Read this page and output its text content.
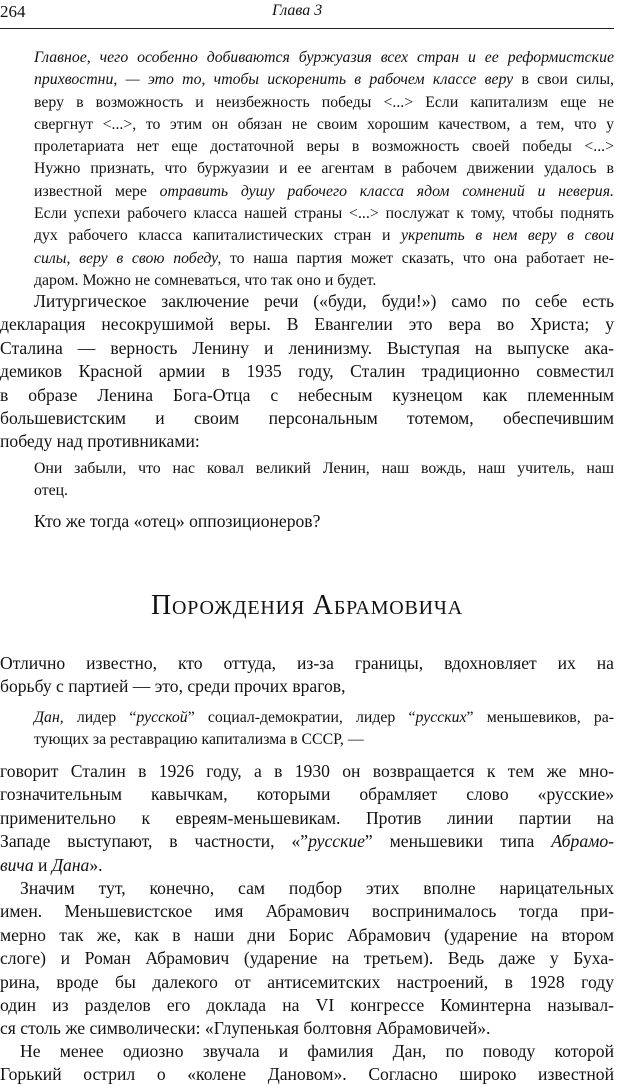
264	Глава 3
Главное, чего особенно добиваются буржуазия всех стран и ее реформистские
прихвостни, — это то, чтобы искоренить в рабочем классе веру в свои силы,
веру в возможность и неизбежность победы <...> Если капитализм еще не
свергнут <...>, то этим он обязан не своим хорошим качеством, а тем, что у
пролетариата нет еще достаточной веры в возможность своей победы <...>
Нужно признать, что буржуазии и ее агентам в рабочем движении удалось в
известной мере отравить душу рабочего класса ядом сомнений и неверия.
Если успехи рабочего класса нашей страны <...> послужат к тому, чтобы поднять
дух рабочего класса капиталистических стран и укрепить в нем веру в свои
силы, веру в свою победу, то наша партия может сказать, что она работает не-
даром. Можно не сомневаться, что так оно и будет.
Литургическое заключение речи («буди, буди!») само по себе есть
декларация несокрушимой веры. В Евангелии это вера во Христа; у
Сталина — верность Ленину и ленинизму. Выступая на выпуске ака-
демиков Красной армии в 1935 году, Сталин традиционно совместил
в образе Ленина Бога-Отца с небесным кузнецом как племенным
большевистским и своим персональным тотемом, обеспечившим
победу над противниками:
Они забыли, что нас ковал великий Ленин, наш вождь, наш учитель, наш
отец.
Кто же тогда «отец» оппозиционеров?
Порождения Абрамовича
Отлично известно, кто оттуда, из-за границы, вдохновляет их на
борьбу с партией — это, среди прочих врагов,
Дан, лидер “русской” социал-демократии, лидер “русских” меньшевиков, ра-
тующих за реставрацию капитализма в СССР, —
говорит Сталин в 1926 году, а в 1930 он возвращается к тем же мно-
гозначительным кавычкам, которыми обрамляет слово «русские»
применительно к евреям-меньшевикам. Против линии партии на
Западе выступают, в частности, «”русские” меньшевики типа Абрамо-
вича и Дана».
Значим тут, конечно, сам подбор этих вполне нарицательных
имен. Меньшевистское имя Абрамович воспринималось тогда при-
мерно так же, как в наши дни Борис Абрамович (ударение на втором
слоге) и Роман Абрамович (ударение на третьем). Ведь даже у Буха-
рина, вроде бы далекого от антисемитских настроений, в 1928 году
один из разделов его доклада на VI конгрессе Коминтерна называл-
ся столь же символически: «Глупенькая болтовня Абрамовичей».
Не менее одиозно звучала и фамилия Дан, по поводу которой
Горький острил о «колене Дановом». Согласно широко известной
